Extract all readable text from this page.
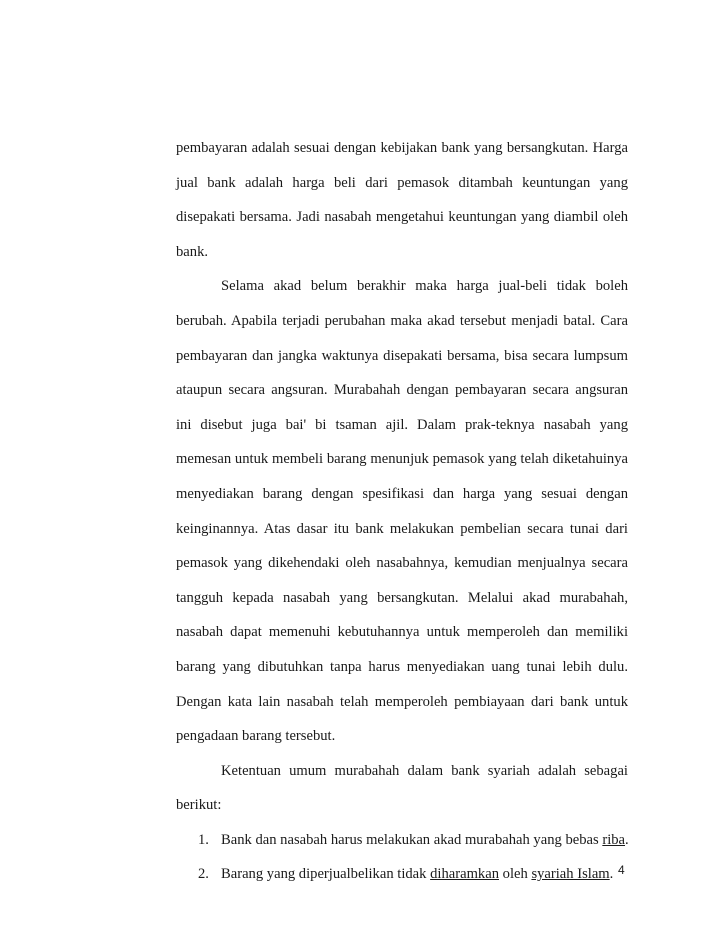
pembayaran adalah sesuai dengan kebijakan bank yang bersangkutan. Harga jual bank adalah harga beli dari pemasok ditambah keuntungan yang disepakati bersama. Jadi nasabah mengetahui keuntungan yang diambil oleh bank.

Selama akad belum berakhir maka harga jual-beli tidak boleh berubah. Apabila terjadi perubahan maka akad tersebut menjadi batal. Cara pembayaran dan jangka waktunya disepakati bersama, bisa secara lumpsum ataupun secara angsuran. Murabahah dengan pembayaran secara angsuran ini disebut juga bai' bi tsaman ajil. Dalam prak-teknya nasabah yang memesan untuk membeli barang menunjuk pemasok yang telah diketahuinya menyediakan barang dengan spesifikasi dan harga yang sesuai dengan keinginannya. Atas dasar itu bank melakukan pembelian secara tunai dari pemasok yang dikehendaki oleh nasabahnya, kemudian menjualnya secara tangguh kepada nasabah yang bersangkutan. Melalui akad murabahah, nasabah dapat memenuhi kebutuhannya untuk memperoleh dan memiliki barang yang dibutuhkan tanpa harus menyediakan uang tunai lebih dulu. Dengan kata lain nasabah telah memperoleh pembiayaan dari bank untuk pengadaan barang tersebut.

Ketentuan umum murabahah dalam bank syariah adalah sebagai berikut:

1. Bank dan nasabah harus melakukan akad murabahah yang bebas riba.
2. Barang yang diperjualbelikan tidak diharamkan oleh syariah Islam. 4
